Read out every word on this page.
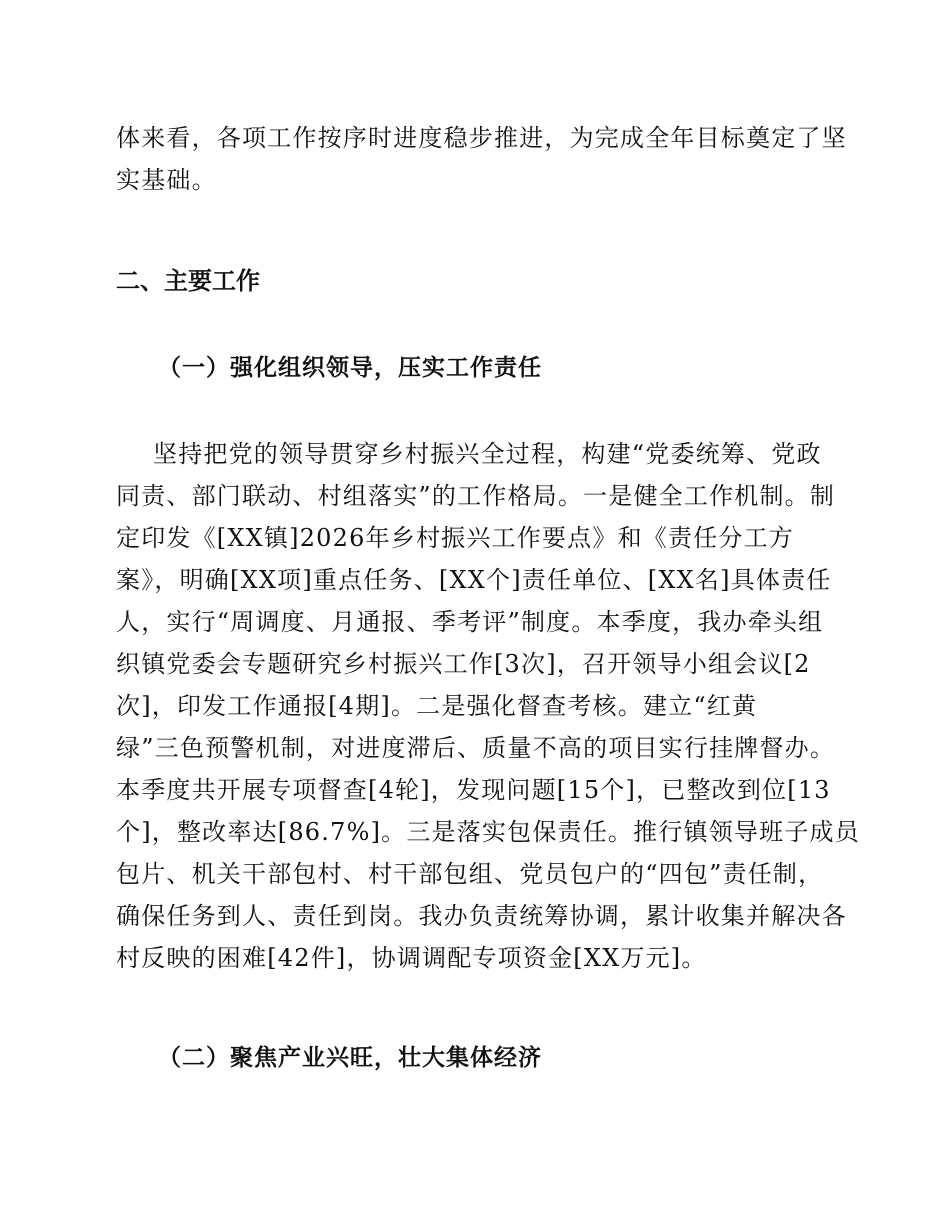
体来看，各项工作按序时进度稳步推进，为完成全年目标奠定了坚
实基础。
二、主要工作
（一）强化组织领导，压实工作责任
坚持把党的领导贯穿乡村振兴全过程，构建“党委统筹、党政
同责、部门联动、村组落实”的工作格局。一是健全工作机制。制
定印发《[XX镇]2026年乡村振兴工作要点》和《责任分工方
案》，明确[XX项]重点任务、[XX个]责任单位、[XX名]具体责任
人，实行“周调度、月通报、季考评”制度。本季度，我办牵头组
织镇党委会专题研究乡村振兴工作[3次]，召开领导小组会议[2
次]，印发工作通报[4期]。二是强化督查考核。建立“红黄
绿”三色预警机制，对进度滞后、质量不高的项目实行挂牌督办。
本季度共开展专项督查[4轮]，发现问题[15个]，已整改到位[13
个]，整改率达[86.7%]。三是落实包保责任。推行镇领导班子成员
包片、机关干部包村、村干部包组、党员包户的“四包”责任制，
确保任务到人、责任到岗。我办负责统筹协调，累计收集并解决各
村反映的困难[42件]，协调调配专项资金[XX万元]。
（二）聚焦产业兴旺，壮大集体经济
